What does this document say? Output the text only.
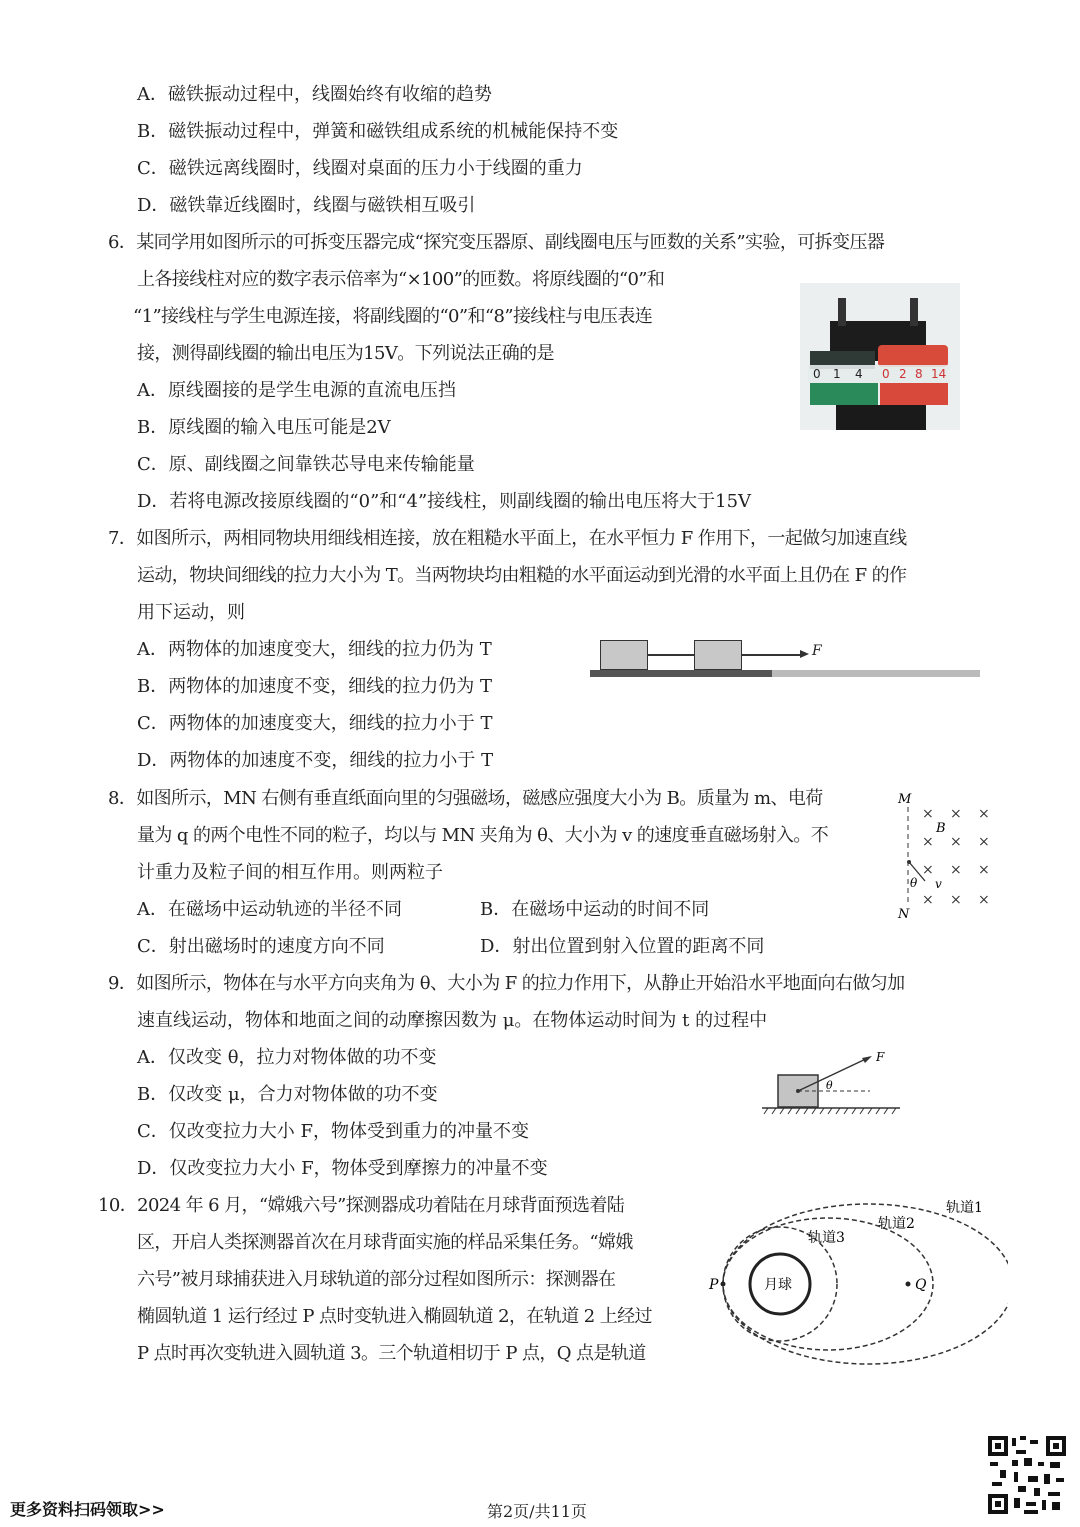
A．磁铁振动过程中，线圈始终有收缩的趋势
B．磁铁振动过程中，弹簧和磁铁组成系统的机械能保持不变
C．磁铁远离线圈时，线圈对桌面的压力小于线圈的重力
D．磁铁靠近线圈时，线圈与磁铁相互吸引
6．某同学用如图所示的可拆变压器完成“探究变压器原、副线圈电压与匝数的关系”实验，可拆变压器
上各接线柱对应的数字表示倍率为“×100”的匝数。将原线圈的“0”和
“1”接线柱与学生电源连接，将副线圈的“0”和“8”接线柱与电压表连
接，测得副线圈的输出电压为15V。下列说法正确的是
A．原线圈接的是学生电源的直流电压挡
B．原线圈的输入电压可能是2V
C．原、副线圈之间靠铁芯导电来传输能量
D．若将电源改接原线圈的“0”和“4”接线柱，则副线圈的输出电压将大于15V
0 1 4 0 2 8 14
7．如图所示，两相同物块用细线相连接，放在粗糙水平面上，在水平恒力 F 作用下，一起做匀加速直线
运动，物块间细线的拉力大小为 T。当两物块均由粗糙的水平面运动到光滑的水平面上且仍在 F 的作
用下运动，则
A．两物体的加速度变大，细线的拉力仍为 T
B．两物体的加速度不变，细线的拉力仍为 T
C．两物体的加速度变大，细线的拉力小于 T
D．两物体的加速度不变，细线的拉力小于 T
F
8．如图所示，MN 右侧有垂直纸面向里的匀强磁场，磁感应强度大小为 B。质量为 m、电荷
量为 q 的两个电性不同的粒子，均以与 MN 夹角为 θ、大小为 v 的速度垂直磁场射入。不
计重力及粒子间的相互作用。则两粒子
A．在磁场中运动轨迹的半径不同	B．在磁场中运动的时间不同
C．射出磁场时的速度方向不同	D．射出位置到射入位置的距离不同
M
N
B
× × ×
× × ×
× × ×
× × ×
θ v
9．如图所示，物体在与水平方向夹角为 θ、大小为 F 的拉力作用下，从静止开始沿水平地面向右做匀加
速直线运动，物体和地面之间的动摩擦因数为 μ。在物体运动时间为 t 的过程中
A．仅改变 θ，拉力对物体做的功不变
B．仅改变 μ，合力对物体做的功不变
C．仅改变拉力大小 F，物体受到重力的冲量不变
D．仅改变拉力大小 F，物体受到摩擦力的冲量不变
F
θ
10．2024 年 6 月，“嫦娥六号”探测器成功着陆在月球背面预选着陆
区，开启人类探测器首次在月球背面实施的样品采集任务。“嫦娥
六号”被月球捕获进入月球轨道的部分过程如图所示：探测器在
椭圆轨道 1 运行经过 P 点时变轨进入椭圆轨道 2，在轨道 2 上经过
P 点时再次变轨进入圆轨道 3。三个轨道相切于 P 点，Q 点是轨道
月球
P	Q
轨道1
轨道2
轨道3
更多资料扫码领取>>	第2页/共11页
